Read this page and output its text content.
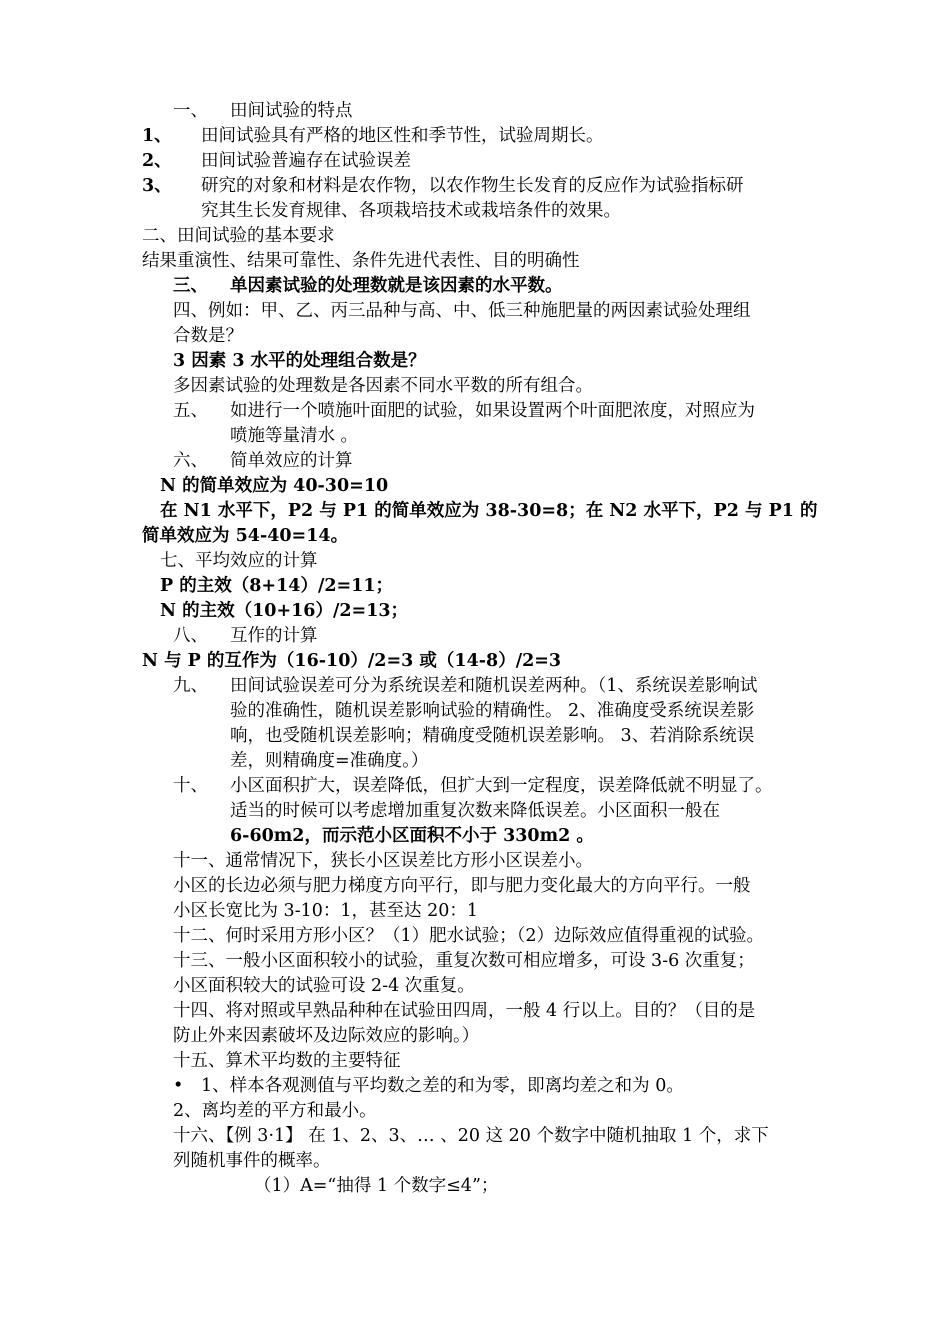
一、 田间试验的特点
1、 田间试验具有严格的地区性和季节性，试验周期长。
2、 田间试验普遍存在试验误差
3、 研究的对象和材料是农作物，以农作物生长发育的反应作为试验指标研
究其生长发育规律、各项栽培技术或栽培条件的效果。
二、田间试验的基本要求
结果重演性、结果可靠性、条件先进代表性、目的明确性
三、 单因素试验的处理数就是该因素的水平数。
四、例如：甲、乙、丙三品种与高、中、低三种施肥量的两因素试验处理组
合数是？
3 因素 3 水平的处理组合数是？
多因素试验的处理数是各因素不同水平数的所有组合。
五、 如进行一个喷施叶面肥的试验，如果设置两个叶面肥浓度，对照应为
喷施等量清水 。
六、 简单效应的计算
N 的简单效应为 40-30=10
在 N1 水平下，P2 与 P1 的简单效应为 38-30=8；在 N2 水平下，P2 与 P1 的
简单效应为 54-40=14。
七、平均效应的计算
P 的主效（8+14）/2=11；
N 的主效（10+16）/2=13；
八、 互作的计算
N 与 P 的互作为（16-10）/2=3 或（14-8）/2=3
九、 田间试验误差可分为系统误差和随机误差两种。（1、系统误差影响试
验的准确性，随机误差影响试验的精确性。 2、准确度受系统误差影
响，也受随机误差影响；精确度受随机误差影响。 3、若消除系统误
差，则精确度=准确度。）
十、 小区面积扩大，误差降低，但扩大到一定程度，误差降低就不明显了。
适当的时候可以考虑增加重复次数来降低误差。小区面积一般在
6-60m2，而示范小区面积不小于 330m2 。
十一、通常情况下，狭长小区误差比方形小区误差小。
小区的长边必须与肥力梯度方向平行，即与肥力变化最大的方向平行。一般
小区长宽比为 3-10：1，甚至达 20：1
十二、何时采用方形小区？（1）肥水试验；（2）边际效应值得重视的试验。
十三、一般小区面积较小的试验，重复次数可相应增多，可设 3-6 次重复；
小区面积较大的试验可设 2-4 次重复。
十四、将对照或早熟品种种在试验田四周，一般 4 行以上。目的？（目的是
防止外来因素破坏及边际效应的影响。）
十五、算术平均数的主要特征
• 1、样本各观测值与平均数之差的和为零，即离均差之和为 0。
2、离均差的平方和最小。
十六、【例 3·1】 在 1、2、3、… 、20 这 20 个数字中随机抽取 1 个，求下
列随机事件的概率。
（1）A=“抽得 1 个数字≤4”；
